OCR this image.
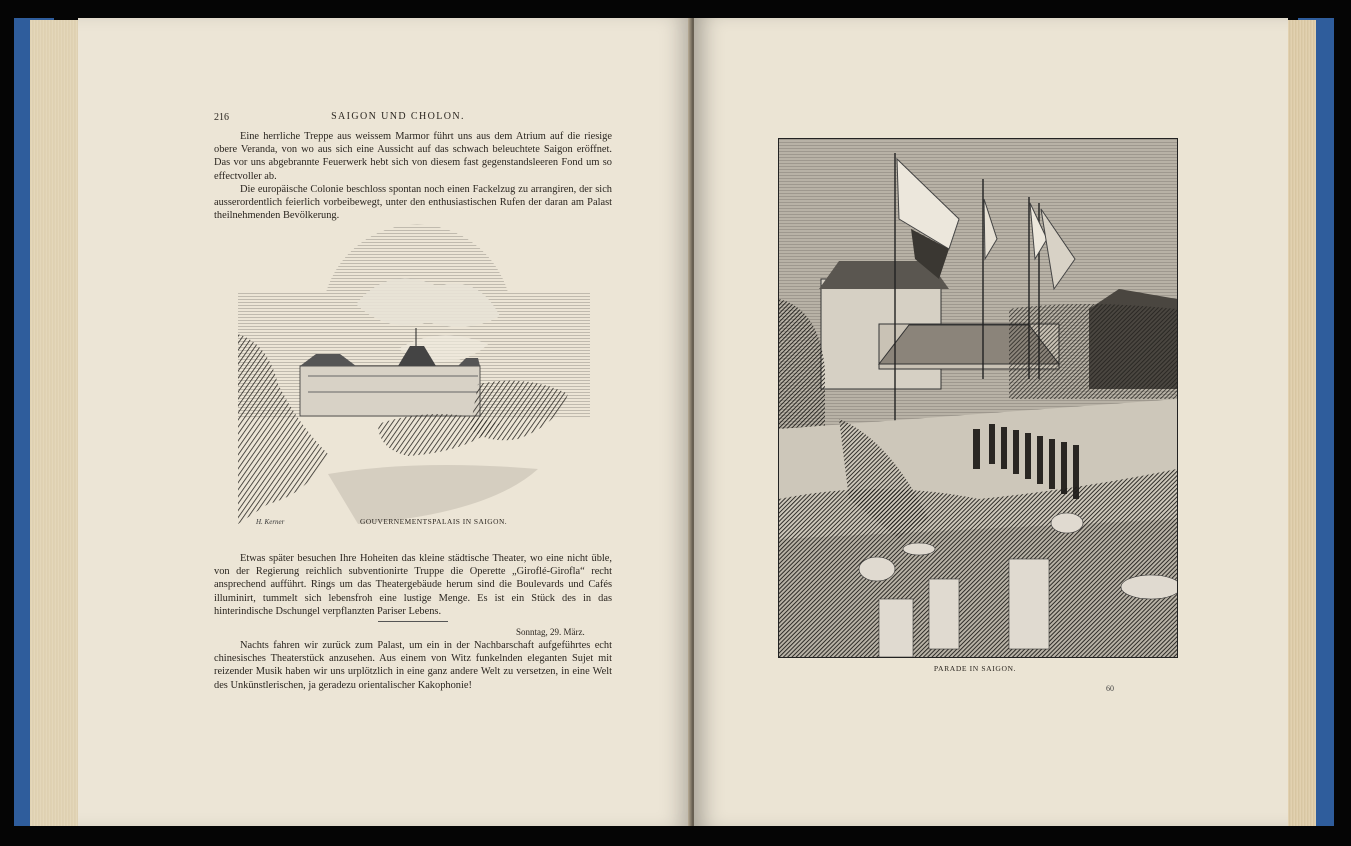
216	SAIGON UND CHOLON.

Eine herrliche Treppe aus weissem Marmor führt uns aus dem Atrium auf die riesige obere Veranda, von wo aus sich eine Aussicht auf das schwach beleuchtete Saigon eröffnet. Das vor uns abgebrannte Feuerwerk hebt sich von diesem fast gegenstandsleeren Fond um so effectvoller ab.

Die europäische Colonie beschloss spontan noch einen Fackelzug zu arrangiren, der sich ausserordentlich feierlich vorbeibewegt, unter den enthusiastischen Rufen der daran am Palast theilnehmenden Bevölkerung.

GOUVERNEMENTSPALAIS IN SAIGON.
H. Kerner

Etwas später besuchen Ihre Hoheiten das kleine städtische Theater, wo eine nicht üble, von der Regierung reichlich subventionirte Truppe die Operette „Giroflé-Girofla“ recht ansprechend aufführt. Rings um das Theatergebäude herum sind die Boulevards und Cafés illuminirt, tummelt sich lebensfroh eine lustige Menge. Es ist ein Stück des in das hinterindische Dschungel verpflanzten Pariser Lebens.

Sonntag, 29. März.

Nachts fahren wir zurück zum Palast, um ein in der Nachbarschaft aufgeführtes echt chinesisches Theaterstück anzusehen. Aus einem von Witz funkelnden eleganten Sujet mit reizender Musik haben wir uns urplötzlich in eine ganz andere Welt zu versetzen, in eine Welt des Unkünstlerischen, ja geradezu orientalischer Kakophonie!

PARADE IN SAIGON.
60
